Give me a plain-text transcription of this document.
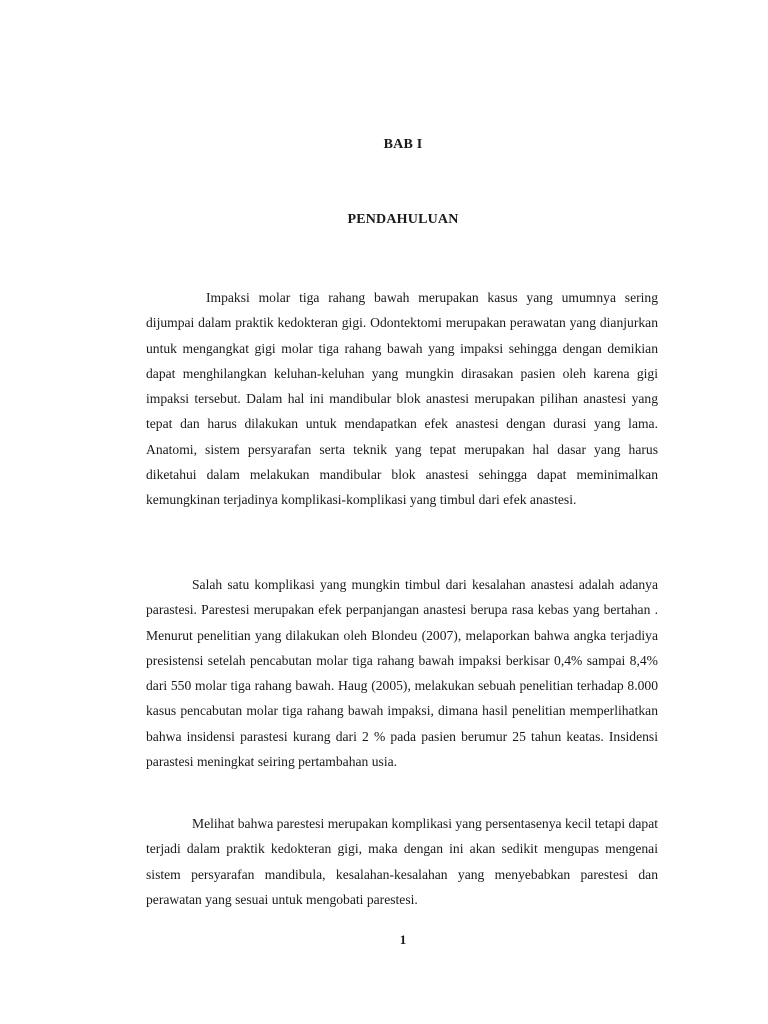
BAB I
PENDAHULUAN

Impaksi molar tiga rahang bawah merupakan kasus yang umumnya sering dijumpai dalam praktik kedokteran gigi. Odontektomi merupakan perawatan yang dianjurkan untuk mengangkat gigi molar tiga rahang bawah yang impaksi sehingga dengan demikian dapat menghilangkan keluhan-keluhan yang mungkin dirasakan pasien oleh karena gigi impaksi tersebut. Dalam hal ini mandibular blok anastesi merupakan pilihan anastesi yang tepat dan harus dilakukan untuk mendapatkan efek anastesi dengan durasi yang lama. Anatomi, sistem persyarafan serta teknik yang tepat merupakan hal dasar yang harus diketahui dalam melakukan mandibular blok anastesi sehingga dapat meminimalkan kemungkinan terjadinya komplikasi-komplikasi yang timbul dari efek anastesi.

Salah satu komplikasi yang mungkin timbul dari kesalahan anastesi adalah adanya parastesi. Parestesi merupakan efek perpanjangan anastesi berupa rasa kebas yang bertahan . Menurut penelitian yang dilakukan oleh Blondeu (2007), melaporkan bahwa angka terjadiya presistensi setelah pencabutan molar tiga rahang bawah impaksi berkisar 0,4% sampai 8,4% dari 550 molar tiga rahang bawah. Haug (2005), melakukan sebuah penelitian terhadap 8.000 kasus pencabutan molar tiga rahang bawah impaksi, dimana hasil penelitian memperlihatkan bahwa insidensi parastesi kurang dari 2 % pada pasien berumur 25 tahun keatas. Insidensi parastesi meningkat seiring pertambahan usia.

Melihat bahwa parestesi merupakan komplikasi yang persentasenya kecil tetapi dapat terjadi dalam praktik kedokteran gigi, maka dengan ini akan sedikit mengupas mengenai sistem persyarafan mandibula, kesalahan-kesalahan yang menyebabkan parestesi dan perawatan yang sesuai untuk mengobati parestesi.

1
